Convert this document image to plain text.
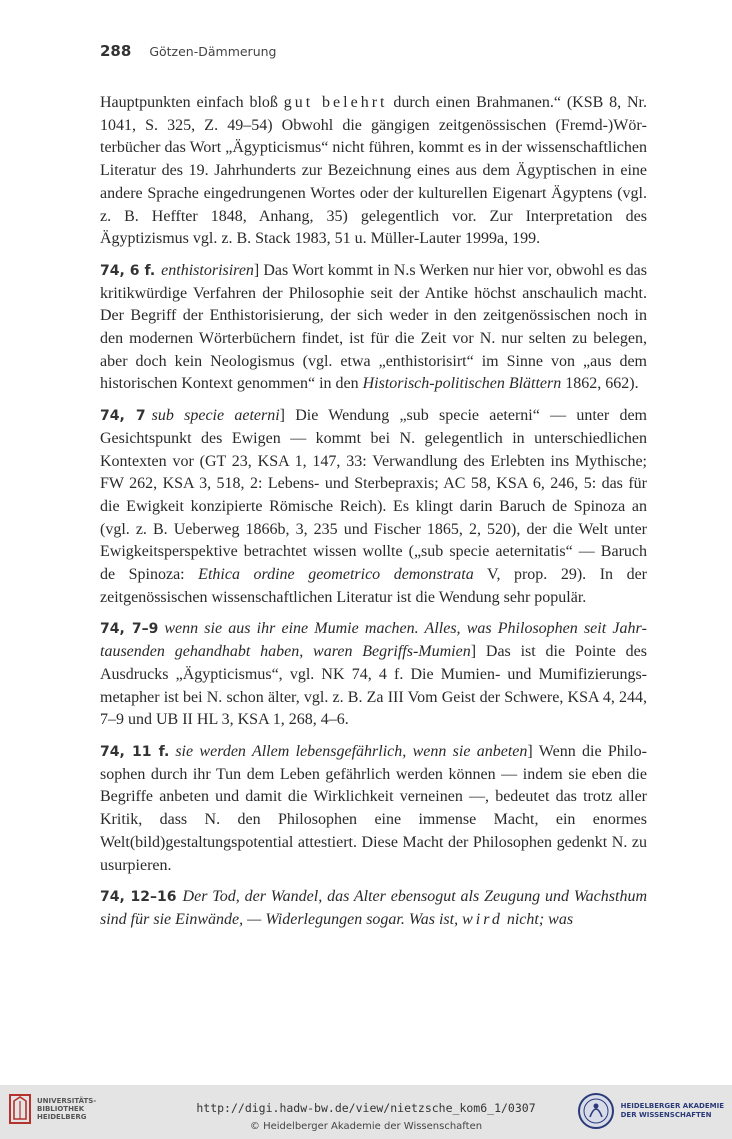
288 Götzen-Dämmerung

Hauptpunkten einfach bloß gut belehrt durch einen Brahmanen.“ (KSB 8, Nr. 1041, S. 325, Z. 49–54) Obwohl die gängigen zeitgenössischen (Fremd-)Wörterbücher das Wort „Ägypticismus“ nicht führen, kommt es in der wissenschaftlichen Literatur des 19. Jahrhunderts zur Bezeichnung eines aus dem Ägyptischen in eine andere Sprache eingedrungenen Wortes oder der kulturellen Eigenart Ägyptens (vgl. z. B. Heffter 1848, Anhang, 35) gelegentlich vor. Zur Interpretation des Ägyptizismus vgl. z. B. Stack 1983, 51 u. Müller-Lauter 1999a, 199.

74, 6 f. enthistorisiren] Das Wort kommt in N.s Werken nur hier vor, obwohl es das kritikwürdige Verfahren der Philosophie seit der Antike höchst anschaulich macht. Der Begriff der Enthistorisierung, der sich weder in den zeitgenössischen noch in den modernen Wörterbüchern findet, ist für die Zeit vor N. nur selten zu belegen, aber doch kein Neologismus (vgl. etwa „enthistorisirt“ im Sinne von „aus dem historischen Kontext genommen“ in den Historisch-politischen Blättern 1862, 662).

74, 7 sub specie aeterni] Die Wendung „sub specie aeterni“ — unter dem Gesichtspunkt des Ewigen — kommt bei N. gelegentlich in unterschiedlichen Kontexten vor (GT 23, KSA 1, 147, 33: Verwandlung des Erlebten ins Mythische; FW 262, KSA 3, 518, 2: Lebens- und Sterbepraxis; AC 58, KSA 6, 246, 5: das für die Ewigkeit konzipierte Römische Reich). Es klingt darin Baruch de Spinoza an (vgl. z. B. Ueberweg 1866b, 3, 235 und Fischer 1865, 2, 520), der die Welt unter Ewigkeitsperspektive betrachtet wissen wollte („sub specie aeternitatis“ — Baruch de Spinoza: Ethica ordine geometrico demonstrata V, prop. 29). In der zeitgenössischen wissenschaftlichen Literatur ist die Wendung sehr populär.

74, 7–9 wenn sie aus ihr eine Mumie machen. Alles, was Philosophen seit Jahrtausenden gehandhabt haben, waren Begriffs-Mumien] Das ist die Pointe des Ausdrucks „Ägypticismus“, vgl. NK 74, 4 f. Die Mumien- und Mumifizierungsmetapher ist bei N. schon älter, vgl. z. B. Za III Vom Geist der Schwere, KSA 4, 244, 7–9 und UB II HL 3, KSA 1, 268, 4–6.

74, 11 f. sie werden Allem lebensgefährlich, wenn sie anbeten] Wenn die Philosophen durch ihr Tun dem Leben gefährlich werden können — indem sie eben die Begriffe anbeten und damit die Wirklichkeit verneinen —, bedeutet das trotz aller Kritik, dass N. den Philosophen eine immense Macht, ein enormes Welt(bild)gestaltungspotential attestiert. Diese Macht der Philosophen gedenkt N. zu usurpieren.

74, 12–16 Der Tod, der Wandel, das Alter ebensogut als Zeugung und Wachsthum sind für sie Einwände, — Widerlegungen sogar. Was ist, wird nicht; was

UNIVERSITÄTS-
BIBLIOTHEK
HEIDELBERG
http://digi.hadw-bw.de/view/nietzsche_kom6_1/0307
© Heidelberger Akademie der Wissenschaften
HEIDELBERGER AKADEMIE
DER WISSENSCHAFTEN
